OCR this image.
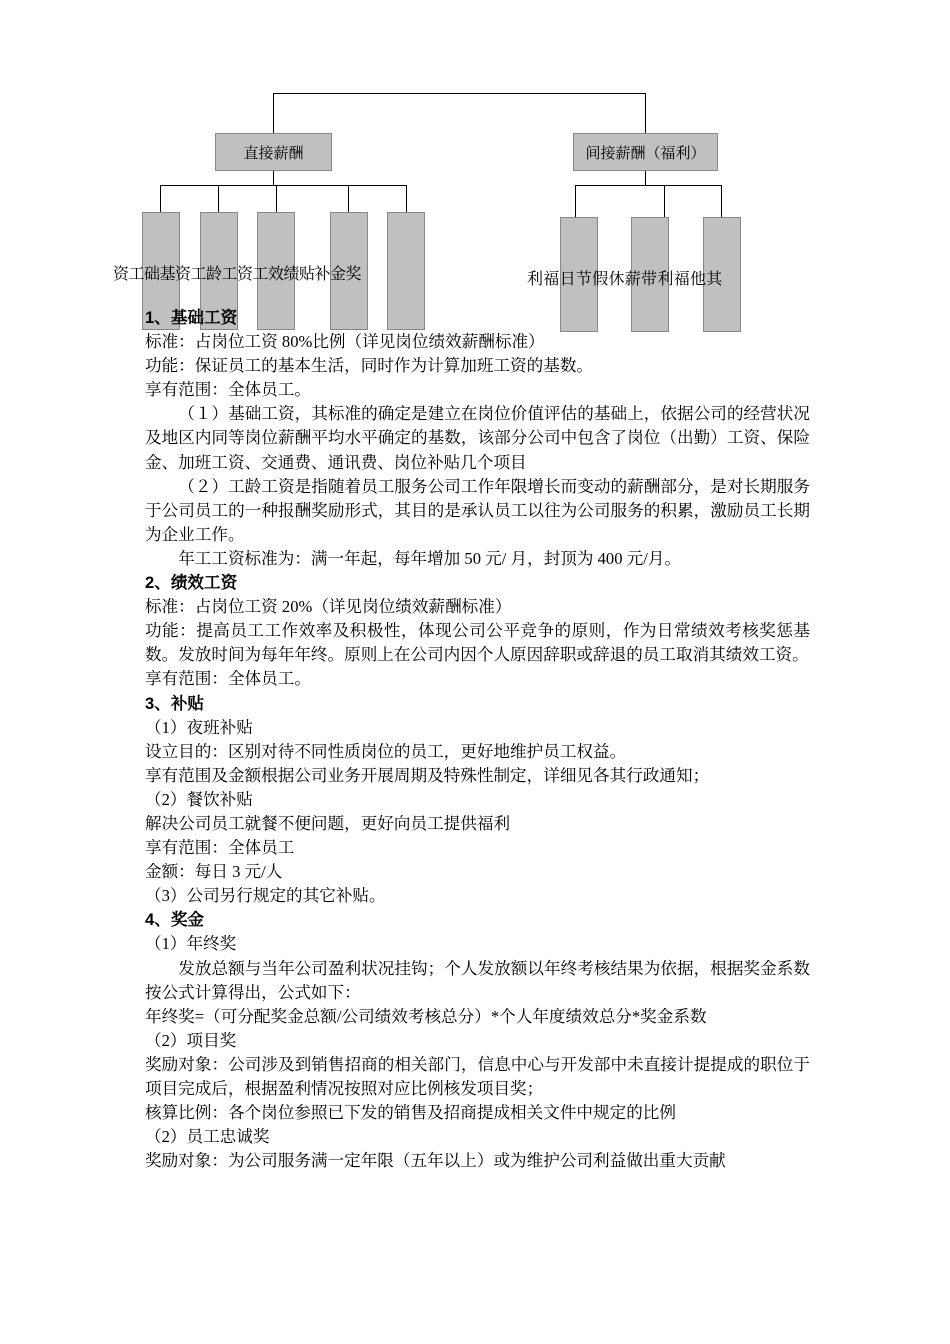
直接薪酬	间接薪酬（福利）
资工础基资工龄工资工效绩贴补金奖	利福日节假休薪带利福他其

1、基础工资

标准：占岗位工资 80%比例（详见岗位绩效薪酬标准）

功能：保证员工的基本生活，同时作为计算加班工资的基数。

享有范围：全体员工。

（１）基础工资，其标准的确定是建立在岗位价值评估的基础上，依据公司的经营状况及地区内同等岗位薪酬平均水平确定的基数，该部分公司中包含了岗位（出勤）工资、保险金、加班工资、交通费、通讯费、岗位补贴几个项目

（２）工龄工资是指随着员工服务公司工作年限增长而变动的薪酬部分，是对长期服务于公司员工的一种报酬奖励形式，其目的是承认员工以往为公司服务的积累，激励员工长期为企业工作。

年工工资标准为：满一年起，每年增加 50 元/ 月，封顶为 400 元/月。

2、绩效工资

标准：占岗位工资 20%（详见岗位绩效薪酬标准）

功能：提高员工工作效率及积极性，体现公司公平竞争的原则，作为日常绩效考核奖惩基数。发放时间为每年年终。原则上在公司内因个人原因辞职或辞退的员工取消其绩效工资。

享有范围：全体员工。

3、补贴

（1）夜班补贴

设立目的：区别对待不同性质岗位的员工，更好地维护员工权益。

享有范围及金额根据公司业务开展周期及特殊性制定，详细见各其行政通知；

（2）餐饮补贴

解决公司员工就餐不便问题，更好向员工提供福利

享有范围：全体员工

金额：每日 3 元/人

（3）公司另行规定的其它补贴。

4、奖金

（1）年终奖

发放总额与当年公司盈利状况挂钩；个人发放额以年终考核结果为依据，根据奖金系数按公式计算得出，公式如下：

年终奖=（可分配奖金总额/公司绩效考核总分）*个人年度绩效总分*奖金系数

（2）项目奖

奖励对象：公司涉及到销售招商的相关部门，信息中心与开发部中未直接计提提成的职位于项目完成后，根据盈利情况按照对应比例核发项目奖；

核算比例：各个岗位参照已下发的销售及招商提成相关文件中规定的比例

（2）员工忠诚奖

奖励对象：为公司服务满一定年限（五年以上）或为维护公司利益做出重大贡献
